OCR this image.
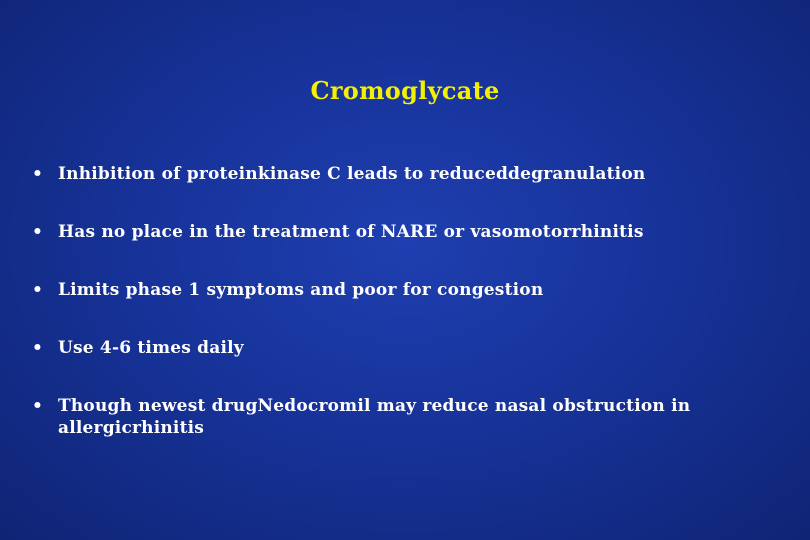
Cromoglycate
• Inhibition of proteinkinase C leads to reduceddegranulation
• Has no place in the treatment of NARE or vasomotorrhinitis
• Limits phase 1 symptoms and poor for congestion
• Use 4-6 times daily
• Though newest drugNedocromil may reduce nasal obstruction in allergicrhinitis
